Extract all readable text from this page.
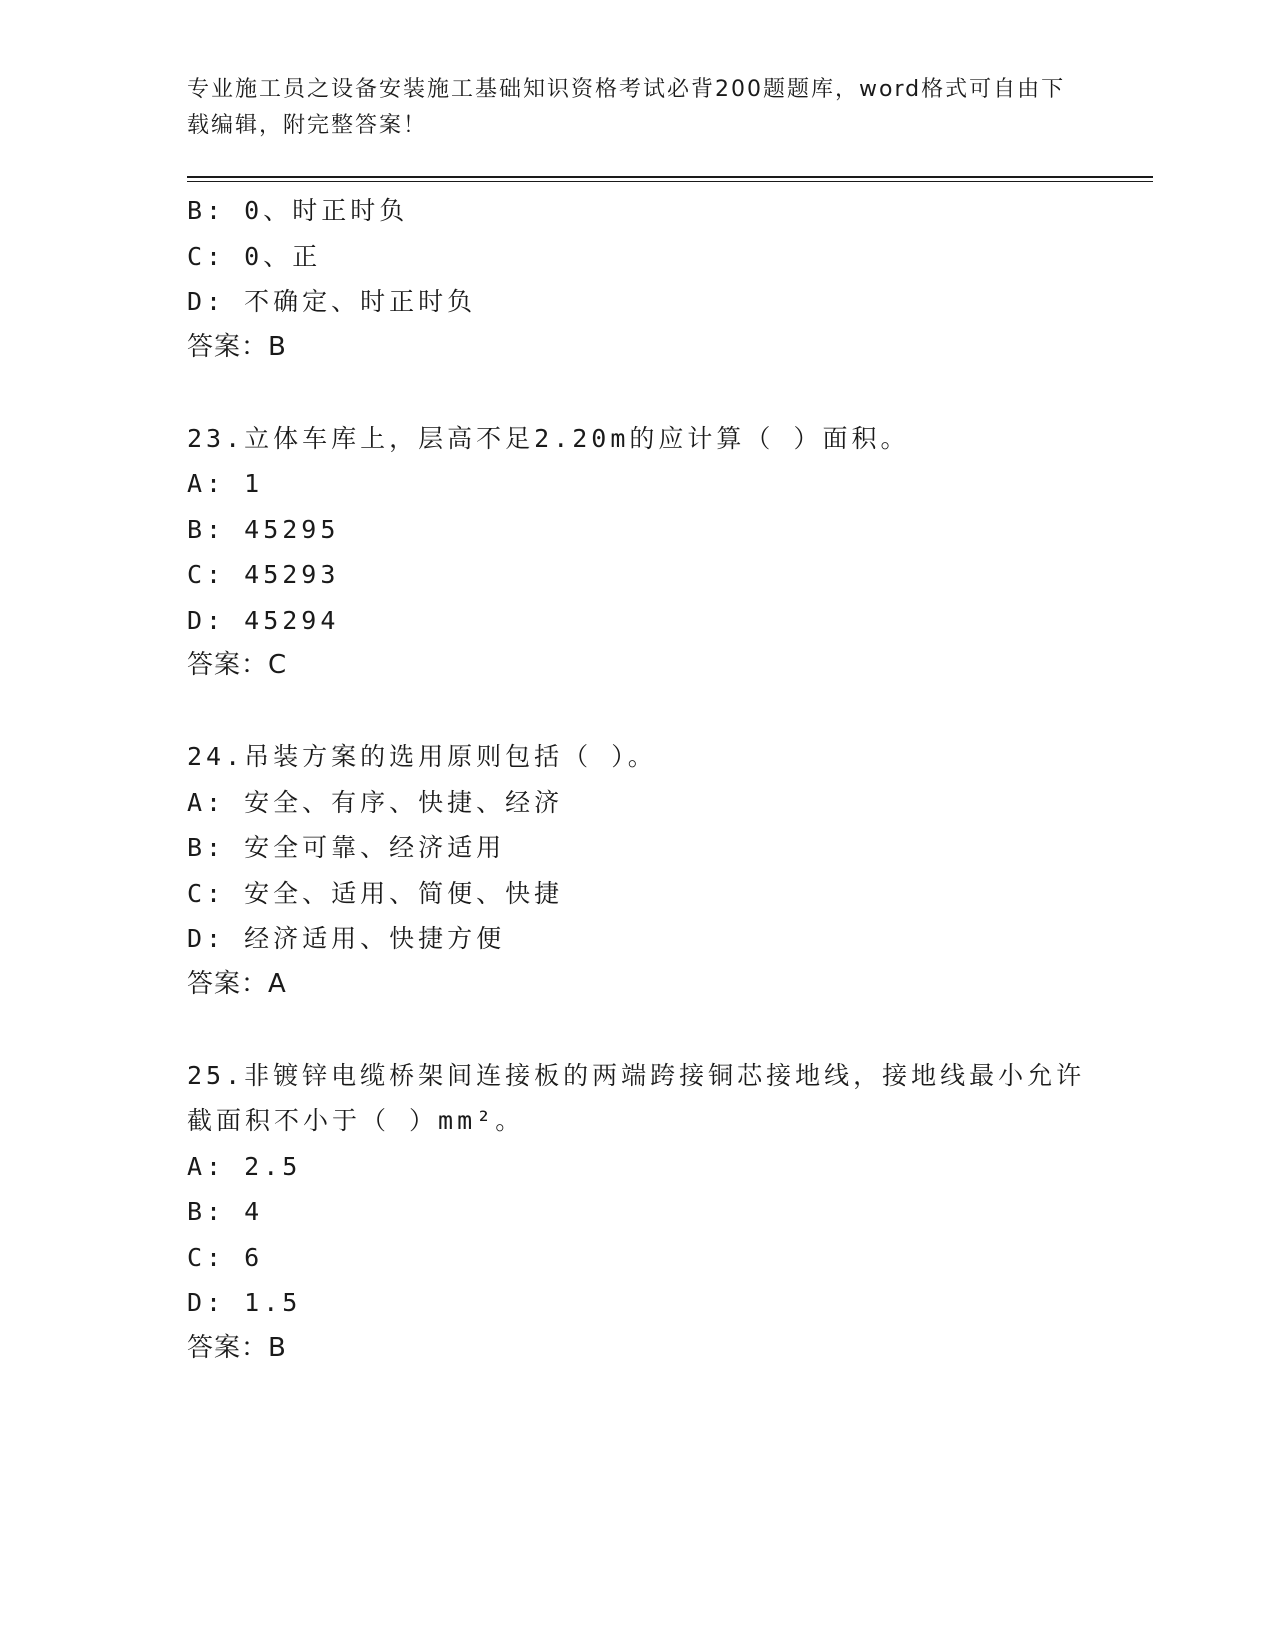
专业施工员之设备安装施工基础知识资格考试必背200题题库，word格式可自由下载编辑，附完整答案！
B: 0、时正时负
C: 0、正
D: 不确定、时正时负
答案：B
23.立体车库上，层高不足2.20m的应计算（ ）面积。
A: 1
B: 45295
C: 45293
D: 45294
答案：C
24.吊装方案的选用原则包括（ ）。
A: 安全、有序、快捷、经济
B: 安全可靠、经济适用
C: 安全、适用、简便、快捷
D: 经济适用、快捷方便
答案：A
25.非镀锌电缆桥架间连接板的两端跨接铜芯接地线，接地线最小允许
截面积不小于（ ）mm²。
A: 2.5
B: 4
C: 6
D: 1.5
答案：B
